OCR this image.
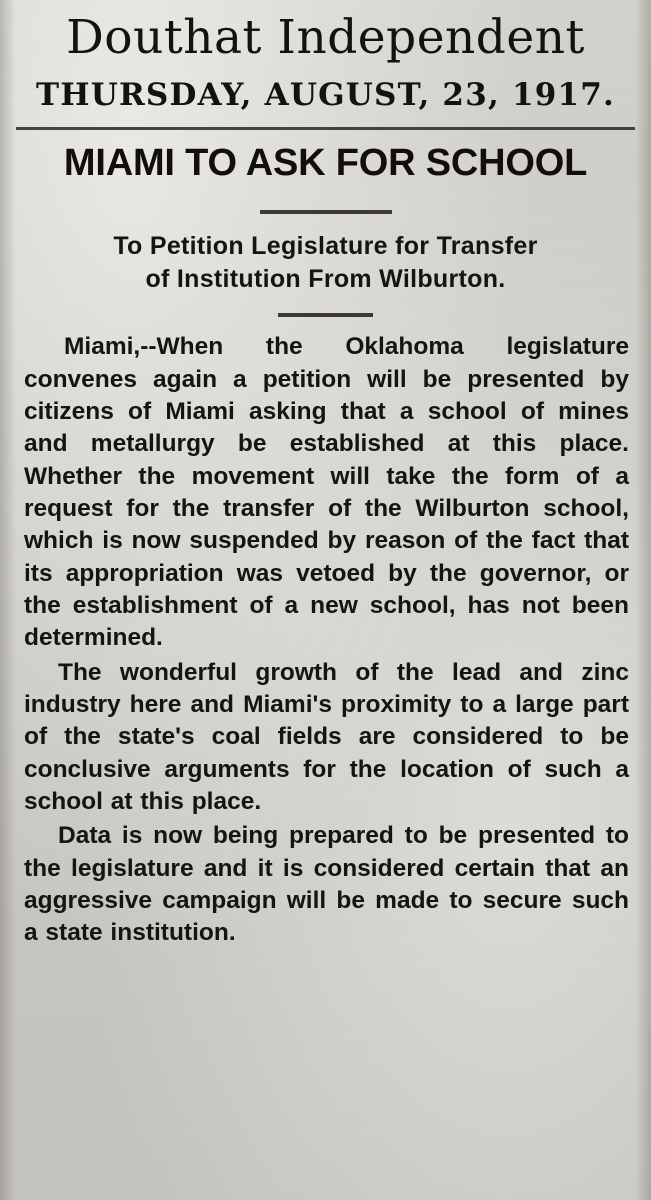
Douthat Independent
THURSDAY, AUGUST, 23, 1917.
MIAMI TO ASK FOR SCHOOL
To Petition Legislature for Transfer
of Institution From Wilburton.

Miami,--When the Oklahoma legislature convenes again a petition will be presented by citizens of Miami asking that a school of mines and metallurgy be established at this place. Whether the movement will take the form of a request for the transfer of the Wilburton school, which is now suspended by reason of the fact that its appropriation was vetoed by the governor, or the establishment of a new school, has not been determined.

The wonderful growth of the lead and zinc industry here and Miami's proximity to a large part of the state's coal fields are considered to be conclusive arguments for the location of such a school at this place.

Data is now being prepared to be presented to the legislature and it is considered certain that an aggressive campaign will be made to secure such a state institution.
